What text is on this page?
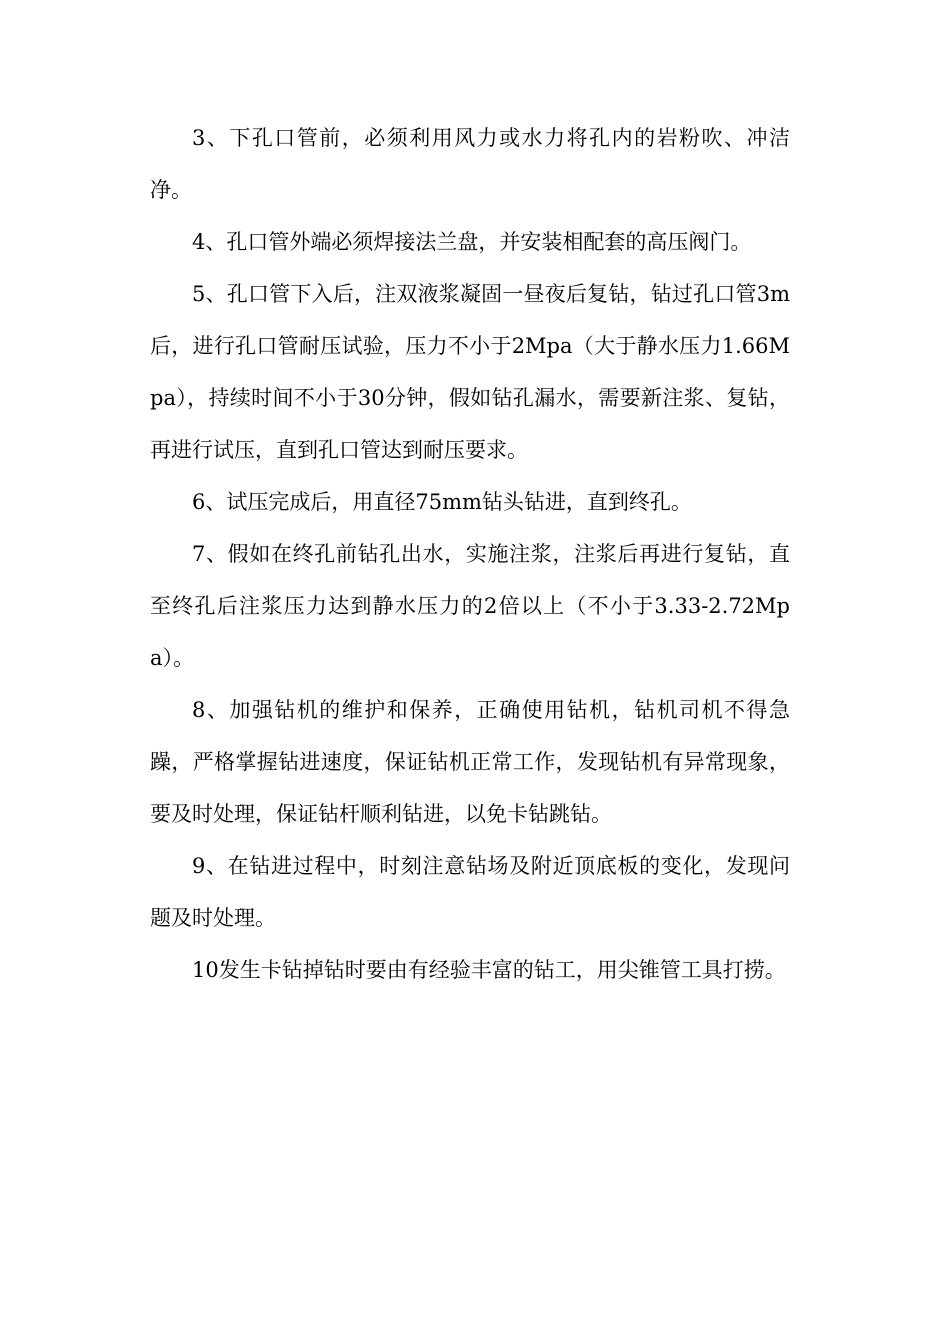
3、下孔口管前，必须利用风力或水力将孔内的岩粉吹、冲洁净。

4、孔口管外端必须焊接法兰盘，并安装相配套的高压阀门。

5、孔口管下入后，注双液浆凝固一昼夜后复钻，钻过孔口管3m后，进行孔口管耐压试验，压力不小于2Mpa（大于静水压力1.66Mpa），持续时间不小于30分钟，假如钻孔漏水，需要新注浆、复钻，再进行试压，直到孔口管达到耐压要求。

6、试压完成后，用直径75mm钻头钻进，直到终孔。

7、假如在终孔前钻孔出水，实施注浆，注浆后再进行复钻，直至终孔后注浆压力达到静水压力的2倍以上（不小于3.33-2.72Mpa）。

8、加强钻机的维护和保养，正确使用钻机，钻机司机不得急躁，严格掌握钻进速度，保证钻机正常工作，发现钻机有异常现象，要及时处理，保证钻杆顺利钻进，以免卡钻跳钻。

9、在钻进过程中，时刻注意钻场及附近顶底板的变化，发现问题及时处理。

10发生卡钻掉钻时要由有经验丰富的钻工，用尖锥管工具打捞。
